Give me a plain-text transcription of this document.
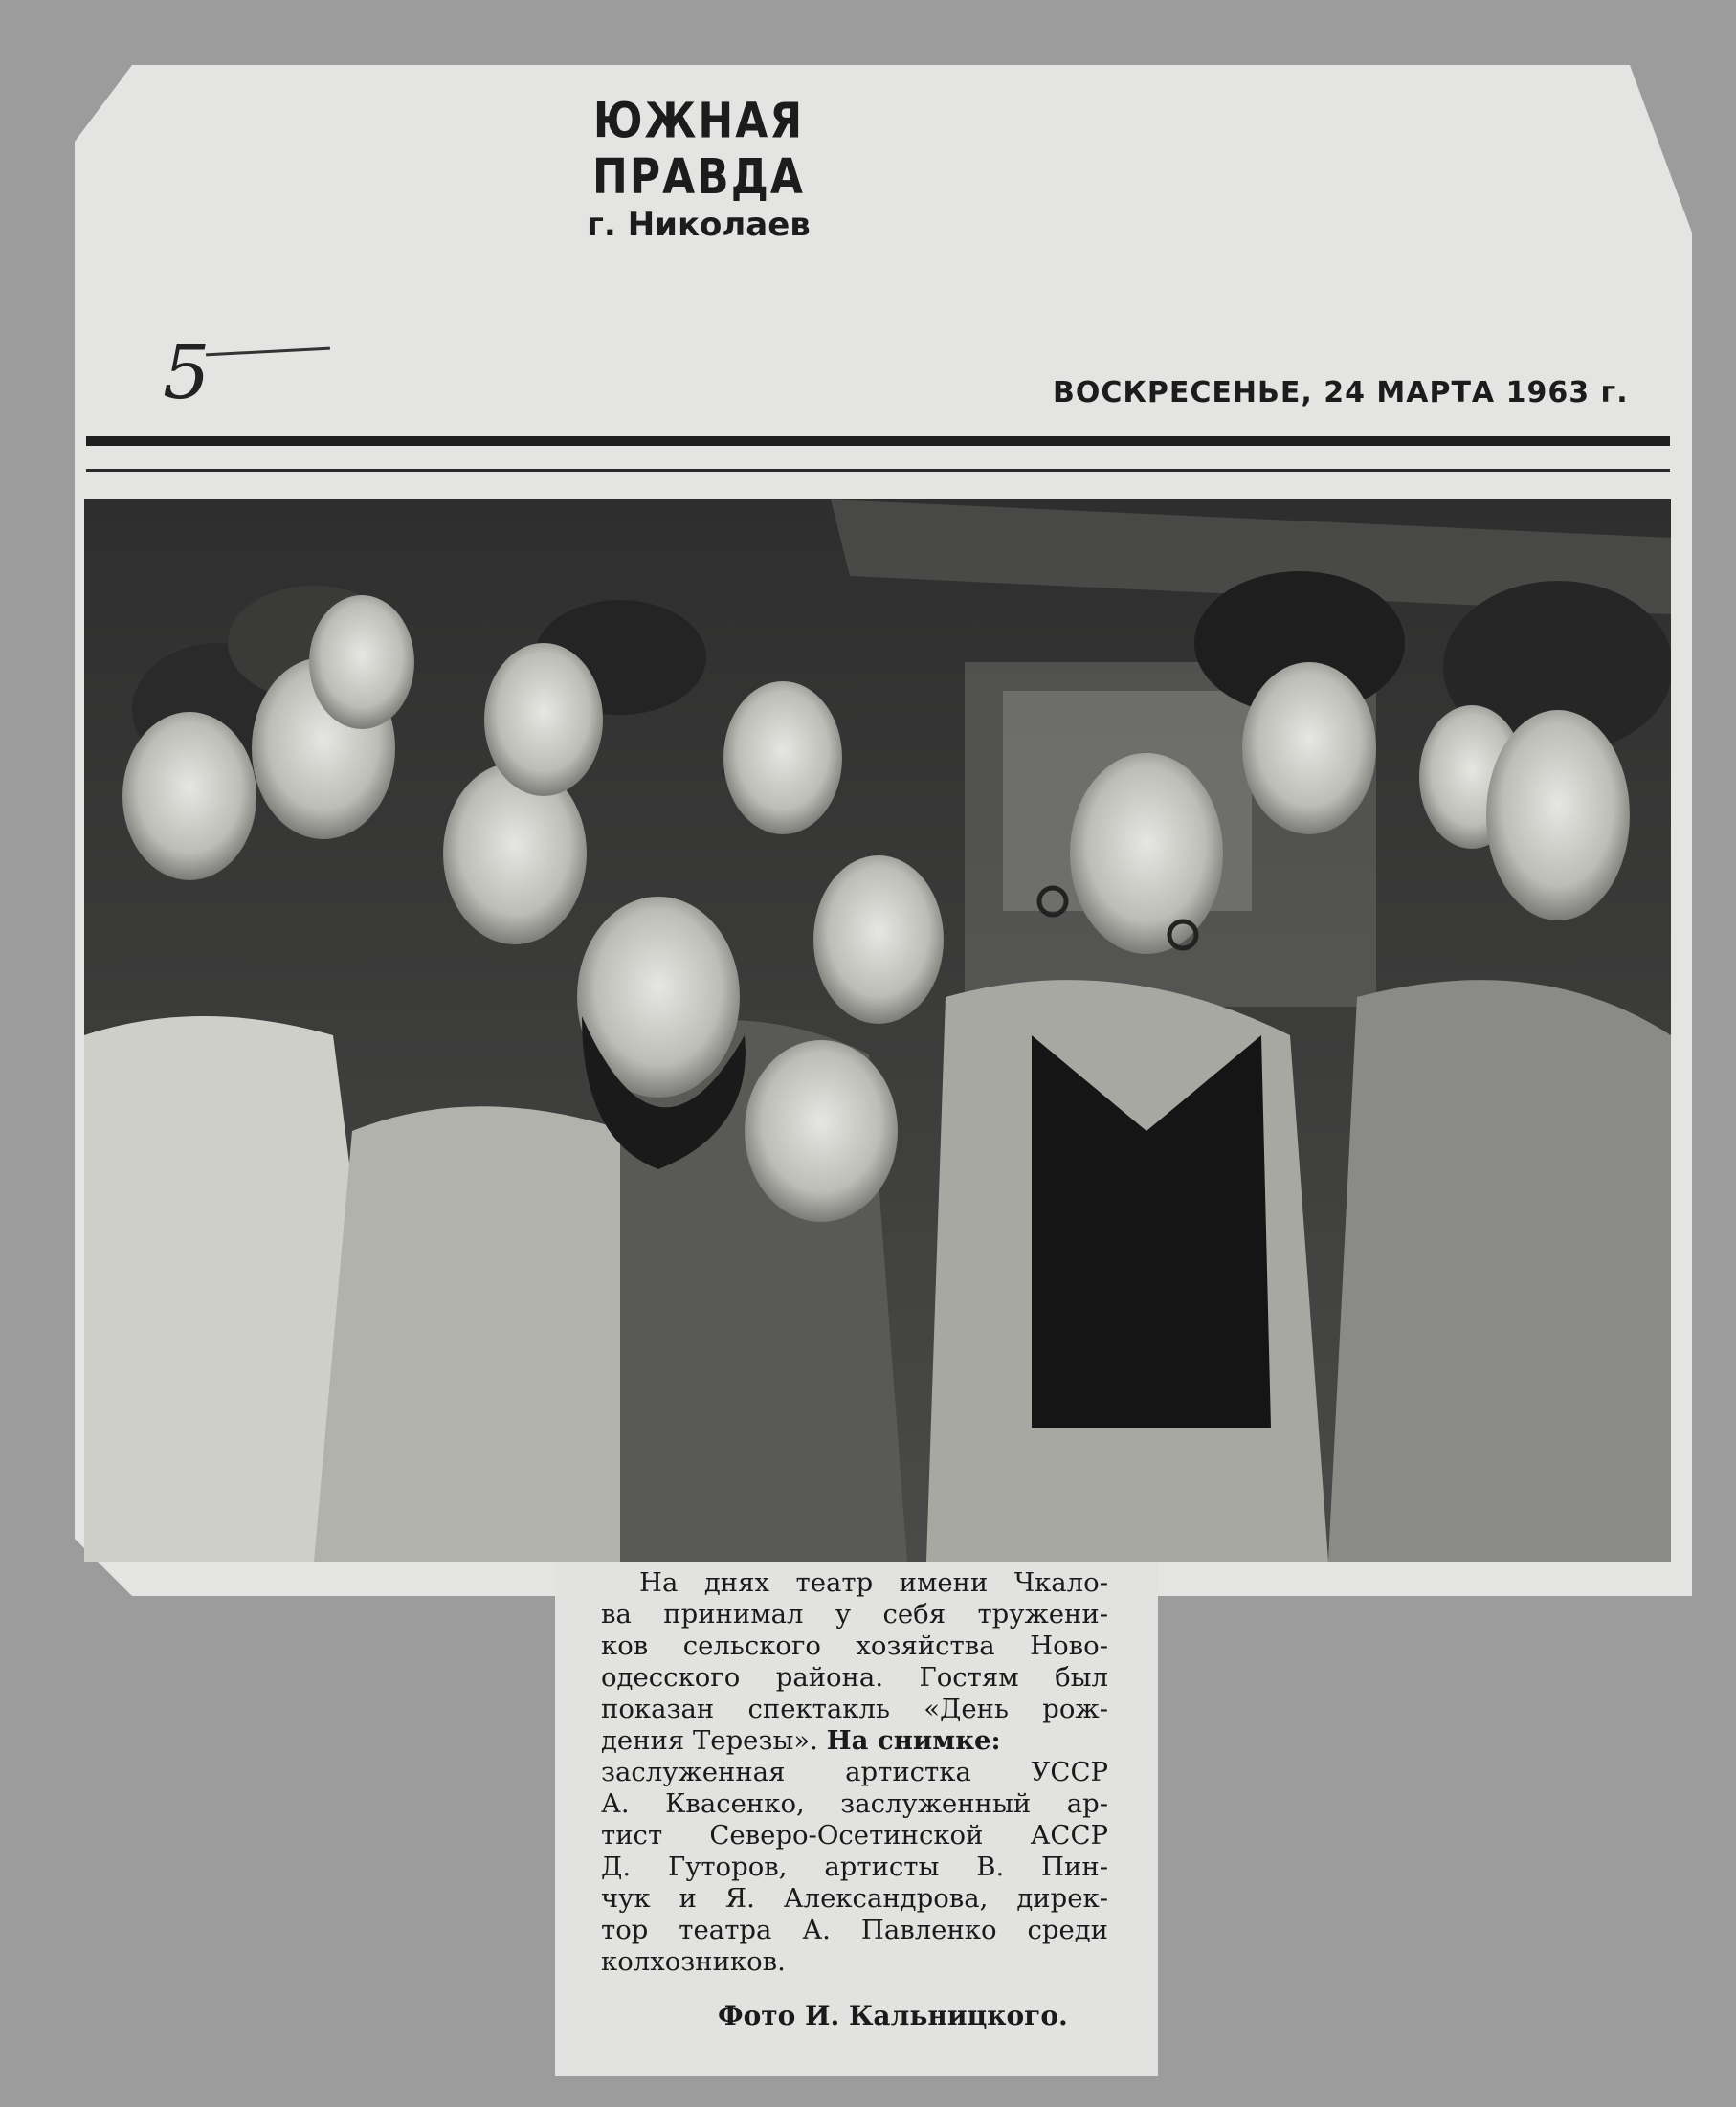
ЮЖНАЯ ПРАВДА
г. Николаев
5	ВОСКРЕСЕНЬЕ, 24 МАРТА 1963 г.
На днях театр имени Чкало-
ва принимал у себя тружени-
ков сельского хозяйства Ново-
одесского района. Гостям был
показан спектакль «День рож-
дения Терезы». На снимке:
заслуженная артистка УССР
А. Квасенко, заслуженный ар-
тист Северо-Осетинской АССР
Д. Гуторов, артисты В. Пин-
чук и Я. Александрова, дирек-
тор театра А. Павленко среди
колхозников.
Фото И. Кальницкого.
